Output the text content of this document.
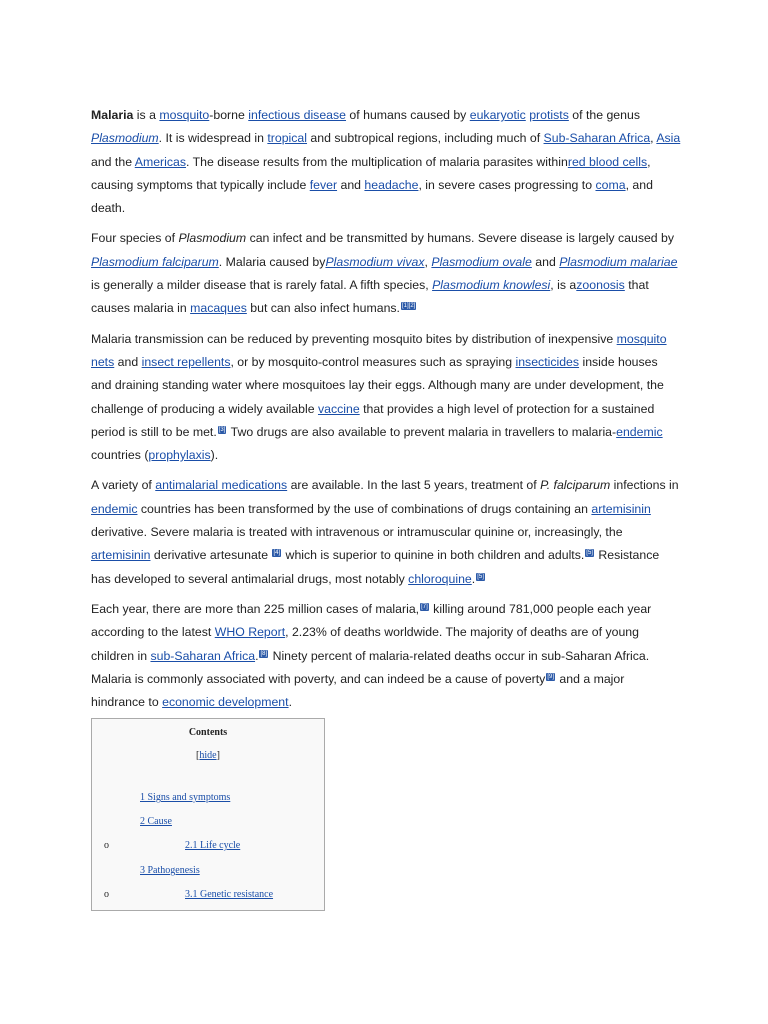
Malaria is a mosquito-borne infectious disease of humans caused by eukaryotic protists of the genus Plasmodium. It is widespread in tropical and subtropical regions, including much of Sub-Saharan Africa, Asia and the Americas. The disease results from the multiplication of malaria parasites withinred blood cells, causing symptoms that typically include fever and headache, in severe cases progressing to coma, and death.

Four species of Plasmodium can infect and be transmitted by humans. Severe disease is largely caused by Plasmodium falciparum. Malaria caused byPlasmodium vivax, Plasmodium ovale and Plasmodium malariae is generally a milder disease that is rarely fatal. A fifth species, Plasmodium knowlesi, is azoonosis that causes malaria in macaques but can also infect humans. [1][2]

Malaria transmission can be reduced by preventing mosquito bites by distribution of inexpensive mosquito nets and insect repellents, or by mosquito-control measures such as spraying insecticides inside houses and draining standing water where mosquitoes lay their eggs. Although many are under development, the challenge of producing a widely available vaccine that provides a high level of protection for a sustained period is still to be met. [3] Two drugs are also available to prevent malaria in travellers to malaria-endemic countries (prophylaxis).

A variety of antimalarial medications are available. In the last 5 years, treatment of P. falciparum infections in endemic countries has been transformed by the use of combinations of drugs containing an artemisinin derivative. Severe malaria is treated with intravenous or intramuscular quinine or, increasingly, the artemisinin derivative artesunate [4] which is superior to quinine in both children and adults. [5] Resistance has developed to several antimalarial drugs, most notably chloroquine. [5]

Each year, there are more than 225 million cases of malaria, [7] killing around 781,000 people each year according to the latest WHO Report, 2.23% of deaths worldwide. The majority of deaths are of young children in sub-Saharan Africa. [8] Ninety percent of malaria-related deaths occur in sub-Saharan Africa. Malaria is commonly associated with poverty, and can indeed be a cause of poverty [9] and a major hindrance to economic development.

Contents
[hide]
1 Signs and symptoms
2 Cause
o	2.1 Life cycle
3 Pathogenesis
o	3.1 Genetic resistance
